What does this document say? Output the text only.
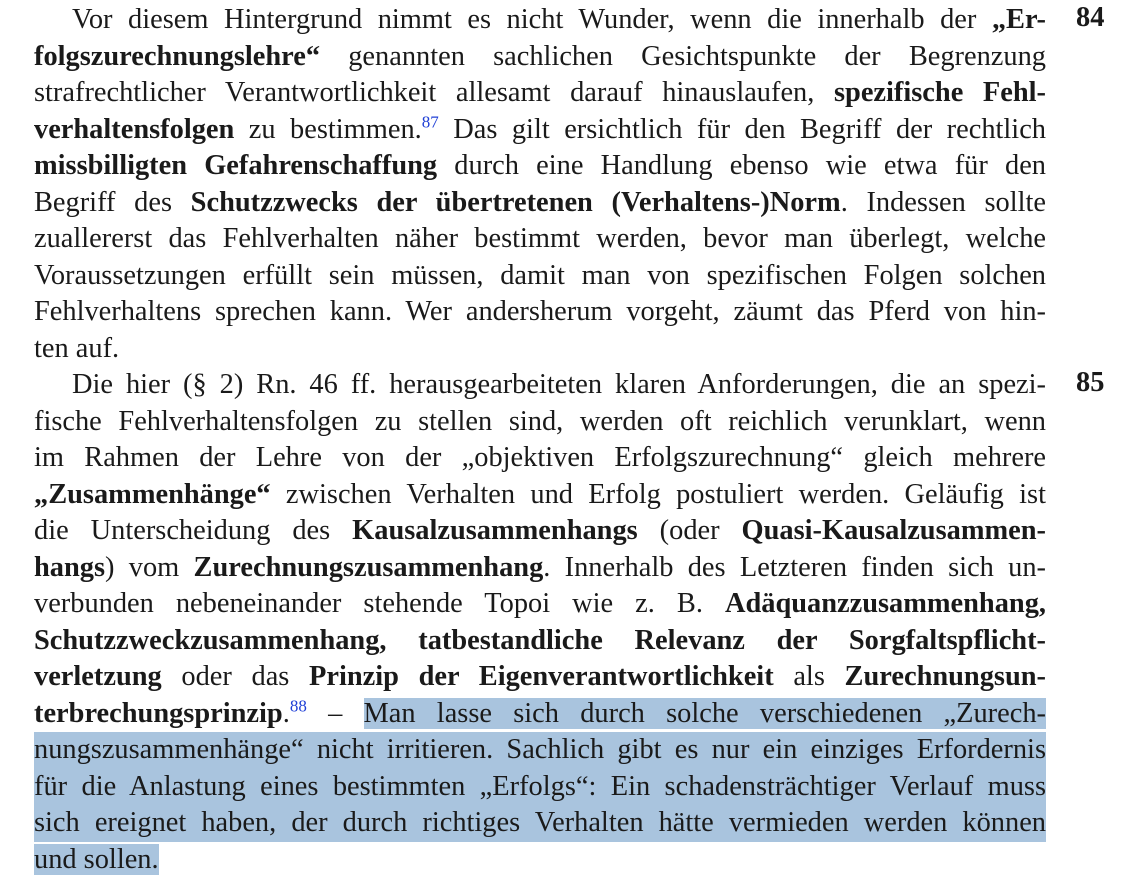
84
85
Vor diesem Hintergrund nimmt es nicht Wunder, wenn die innerhalb der „Er-
folgszurechnungslehre“ genannten sachlichen Gesichtspunkte der Begrenzung
strafrechtlicher Verantwortlichkeit allesamt darauf hinauslaufen, spezifische Fehl-
verhaltensfolgen zu bestimmen.$^{87}$ Das gilt ersichtlich für den Begriff der rechtlich
missbilligten Gefahrenschaffung durch eine Handlung ebenso wie etwa für den
Begriff des Schutzzwecks der übertretenen (Verhaltens-)Norm. Indessen sollte
zuallererst das Fehlverhalten näher bestimmt werden, bevor man überlegt, welche
Voraussetzungen erfüllt sein müssen, damit man von spezifischen Folgen solchen
Fehlverhaltens sprechen kann. Wer andersherum vorgeht, zäumt das Pferd von hin-
ten auf.
Die hier (§ 2) Rn. 46 ff. herausgearbeiteten klaren Anforderungen, die an spezi-
fische Fehlverhaltensfolgen zu stellen sind, werden oft reichlich verunklart, wenn
im Rahmen der Lehre von der „objektiven Erfolgszurechnung“ gleich mehrere
„Zusammenhänge“ zwischen Verhalten und Erfolg postuliert werden. Geläufig ist
die Unterscheidung des Kausalzusammenhangs (oder Quasi-Kausalzusammen-
hangs) vom Zurechnungszusammenhang. Innerhalb des Letzteren finden sich un-
verbunden nebeneinander stehende Topoi wie z. B. Adäquanzzusammenhang,
Schutzzweckzusammenhang, tatbestandliche Relevanz der Sorgfaltspflicht-
verletzung oder das Prinzip der Eigenverantwortlichkeit als Zurechnungsun-
terbrechungsprinzip.$^{88}$ – Man lasse sich durch solche verschiedenen „Zurech-
nungszusammenhänge“ nicht irritieren. Sachlich gibt es nur ein einziges Erfordernis
für die Anlastung eines bestimmten „Erfolgs“: Ein schadensträchtiger Verlauf muss
sich ereignet haben, der durch richtiges Verhalten hätte vermieden werden können
und sollen.
